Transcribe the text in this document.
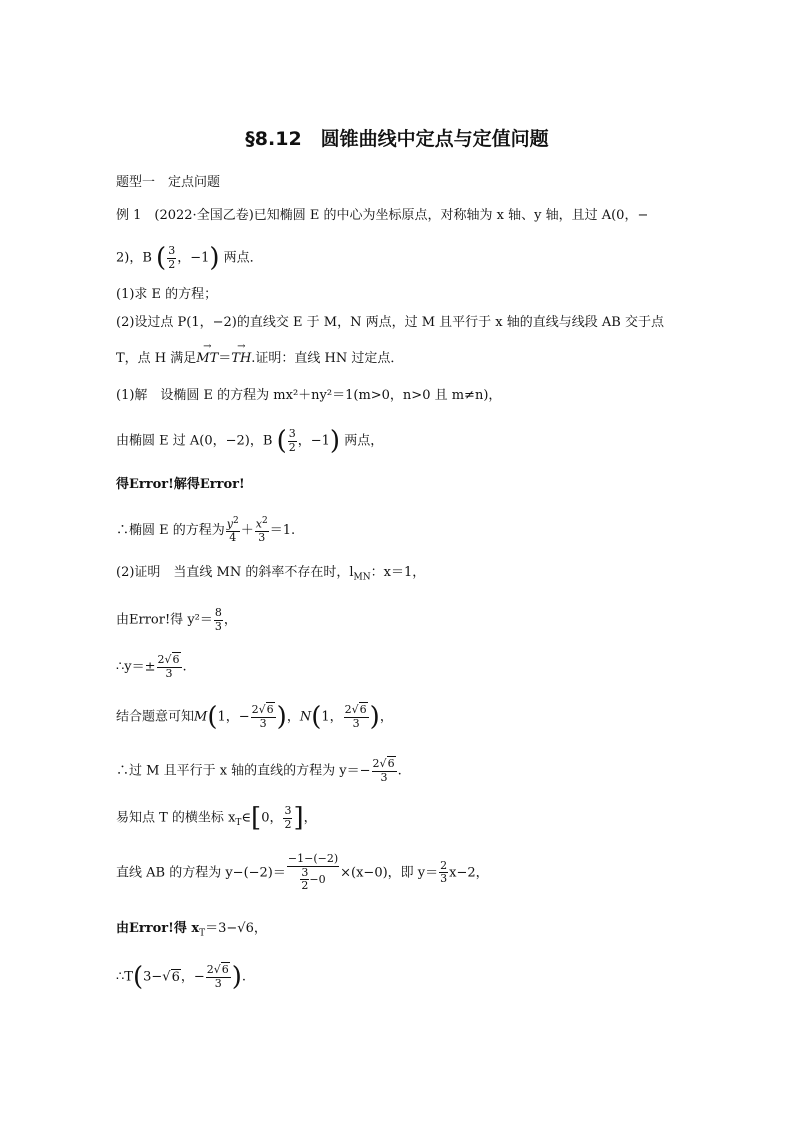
§8.12　圆锥曲线中定点与定值问题
题型一　定点问题
例 1　(2022·全国乙卷)已知椭圆 E 的中心为坐标原点，对称轴为 x 轴、y 轴，且过 A(0，−
2)，B ( $\frac{3}{2}$ ，−1) 两点．
(1)求 E 的方程；
(2)设过点 P(1，−2)的直线交 E 于 M，N 两点，过 M 且平行于 x 轴的直线与线段 AB 交于点
T，点 H 满足→ MT＝→ TH.证明：直线 HN 过定点．
(1)解　设椭圆 E 的方程为 mx²＋ny²＝1(m>0，n>0 且 m≠n)，
由椭圆 E 过 A(0，−2)，B ( $\frac{3}{2}$ ，−1) 两点，
得Error!解得Error!
∴椭圆 E 的方程为 $\frac{y^2}{4} + \frac{x^2}{3} =1$.
(2)证明　当直线 MN 的斜率不存在时，$l_{MN}$：x＝1，
由Error!得 $y^2= \frac{8}{3}$ ，
∴y＝± $\frac{2√6}{3}$ .
结合题意可知M(1，− $\frac{2√6}{3}$ )，N(1， $\frac{2√6}{3}$ )，
∴过 M 且平行于 x 轴的直线的方程为 $y=- \frac{2√6}{3}$ .
易知点 T 的横坐标 $x_T\in[0$， $\frac{3}{2}$ ]，
直线 AB 的方程为 $y-(-2)= \frac{-1-(-2)}{\frac{3}{2} -0} \times(x-0)$，即 $y= \frac{2}{3} x-2$，
由Error!得 $x_T=3-√6$，
∴T(3−√6，− $\frac{2√6}{3}$ ).
